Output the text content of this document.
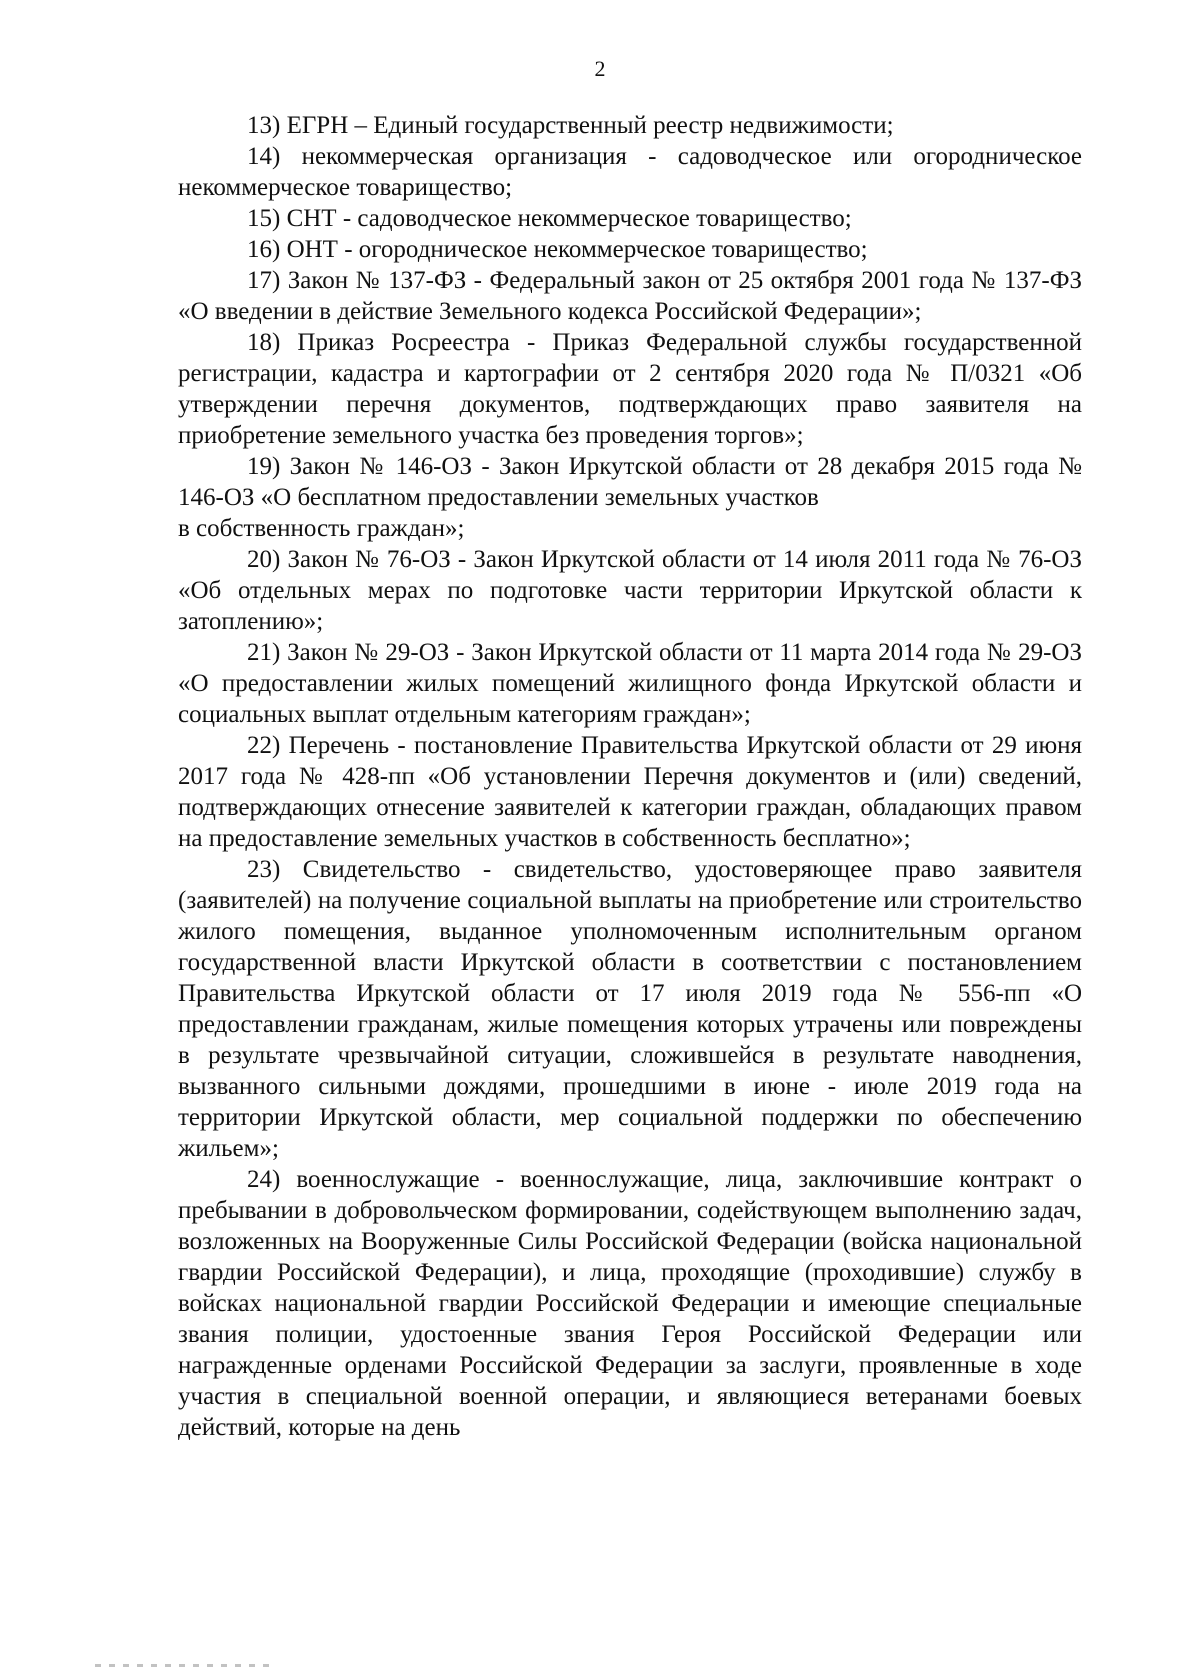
2

13) ЕГРН – Единый государственный реестр недвижимости;

14) некоммерческая организация - садоводческое или огородническое некоммерческое товарищество;

15) СНТ - садоводческое некоммерческое товарищество;

16) ОНТ - огородническое некоммерческое товарищество;

17) Закон № 137-ФЗ - Федеральный закон от 25 октября 2001 года № 137-ФЗ «О введении в действие Земельного кодекса Российской Федерации»;

18) Приказ Росреестра - Приказ Федеральной службы государственной регистрации, кадастра и картографии от 2 сентября 2020 года № П/0321 «Об утверждении перечня документов, подтверждающих право заявителя на приобретение земельного участка без проведения торгов»;

19) Закон № 146-ОЗ - Закон Иркутской области от 28 декабря 2015 года № 146-ОЗ «О бесплатном предоставлении земельных участков
в собственность граждан»;

20) Закон № 76-ОЗ - Закон Иркутской области от 14 июля 2011 года № 76-ОЗ «Об отдельных мерах по подготовке части территории Иркутской области к затоплению»;

21) Закон № 29-ОЗ - Закон Иркутской области от 11 марта 2014 года № 29-ОЗ «О предоставлении жилых помещений жилищного фонда Иркутской области и социальных выплат отдельным категориям граждан»;

22) Перечень - постановление Правительства Иркутской области от 29 июня 2017 года № 428-пп «Об установлении Перечня документов и (или) сведений, подтверждающих отнесение заявителей к категории граждан, обладающих правом на предоставление земельных участков в собственность бесплатно»;

23) Свидетельство - свидетельство, удостоверяющее право заявителя (заявителей) на получение социальной выплаты на приобретение или строительство жилого помещения, выданное уполномоченным исполнительным органом государственной власти Иркутской области в соответствии с постановлением Правительства Иркутской области от 17 июля 2019 года № 556-пп «О предоставлении гражданам, жилые помещения которых утрачены или повреждены в результате чрезвычайной ситуации, сложившейся в результате наводнения, вызванного сильными дождями, прошедшими в июне - июле 2019 года на территории Иркутской области, мер социальной поддержки по обеспечению жильем»;

24) военнослужащие - военнослужащие, лица, заключившие контракт о пребывании в добровольческом формировании, содействующем выполнению задач, возложенных на Вооруженные Силы Российской Федерации (войска национальной гвардии Российской Федерации), и лица, проходящие (проходившие) службу в войсках национальной гвардии Российской Федерации и имеющие специальные звания полиции, удостоенные звания Героя Российской Федерации или награжденные орденами Российской Федерации за заслуги, проявленные в ходе участия в специальной военной операции, и являющиеся ветеранами боевых действий, которые на день
